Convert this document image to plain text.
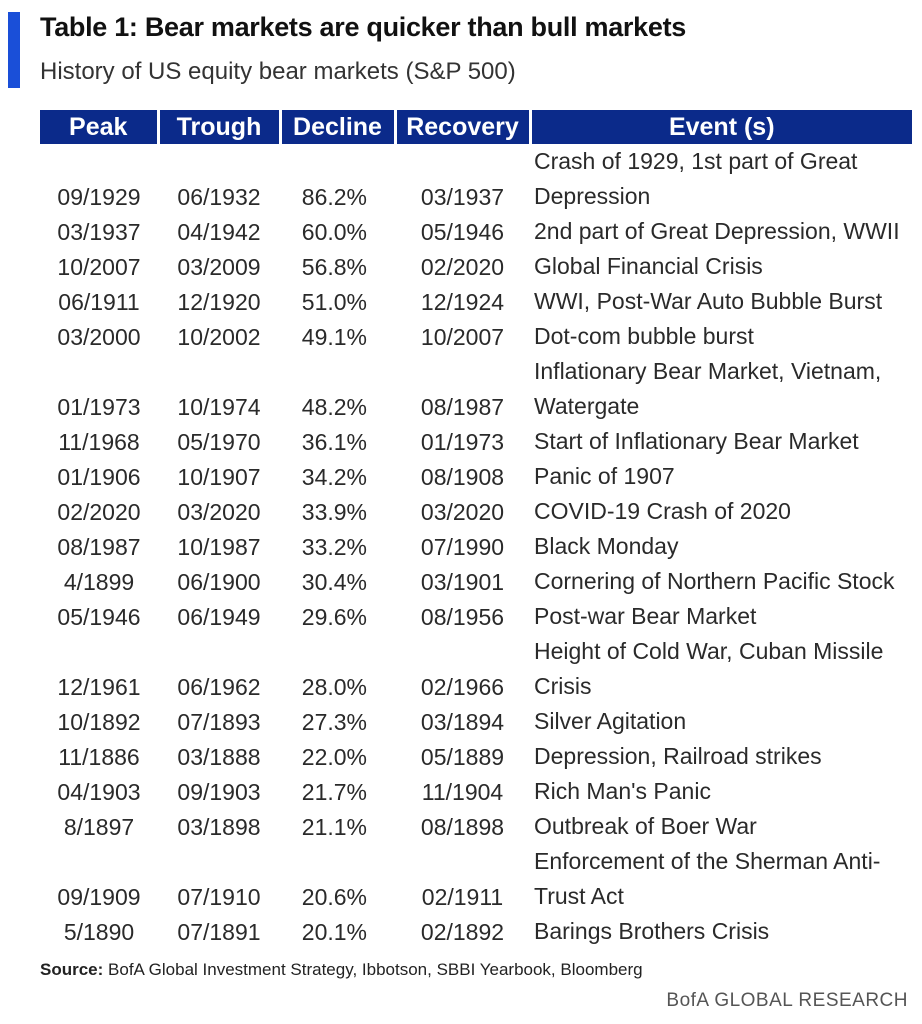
Table 1: Bear markets are quicker than bull markets
History of US equity bear markets (S&P 500)
Peak	Trough	Decline	Recovery	Event (s)
09/1929	06/1932	86.2%	03/1937	Crash of 1929, 1st part of Great Depression
03/1937	04/1942	60.0%	05/1946	2nd part of Great Depression, WWII
10/2007	03/2009	56.8%	02/2020	Global Financial Crisis
06/1911	12/1920	51.0%	12/1924	WWI, Post-War Auto Bubble Burst
03/2000	10/2002	49.1%	10/2007	Dot-com bubble burst
01/1973	10/1974	48.2%	08/1987	Inflationary Bear Market, Vietnam, Watergate
11/1968	05/1970	36.1%	01/1973	Start of Inflationary Bear Market
01/1906	10/1907	34.2%	08/1908	Panic of 1907
02/2020	03/2020	33.9%	03/2020	COVID-19 Crash of 2020
08/1987	10/1987	33.2%	07/1990	Black Monday
4/1899	06/1900	30.4%	03/1901	Cornering of Northern Pacific Stock
05/1946	06/1949	29.6%	08/1956	Post-war Bear Market
12/1961	06/1962	28.0%	02/1966	Height of Cold War, Cuban Missile Crisis
10/1892	07/1893	27.3%	03/1894	Silver Agitation
11/1886	03/1888	22.0%	05/1889	Depression, Railroad strikes
04/1903	09/1903	21.7%	11/1904	Rich Man's Panic
8/1897	03/1898	21.1%	08/1898	Outbreak of Boer War
09/1909	07/1910	20.6%	02/1911	Enforcement of the Sherman Anti-Trust Act
5/1890	07/1891	20.1%	02/1892	Barings Brothers Crisis
Source: BofA Global Investment Strategy, Ibbotson, SBBI Yearbook, Bloomberg
BofA GLOBAL RESEARCH
